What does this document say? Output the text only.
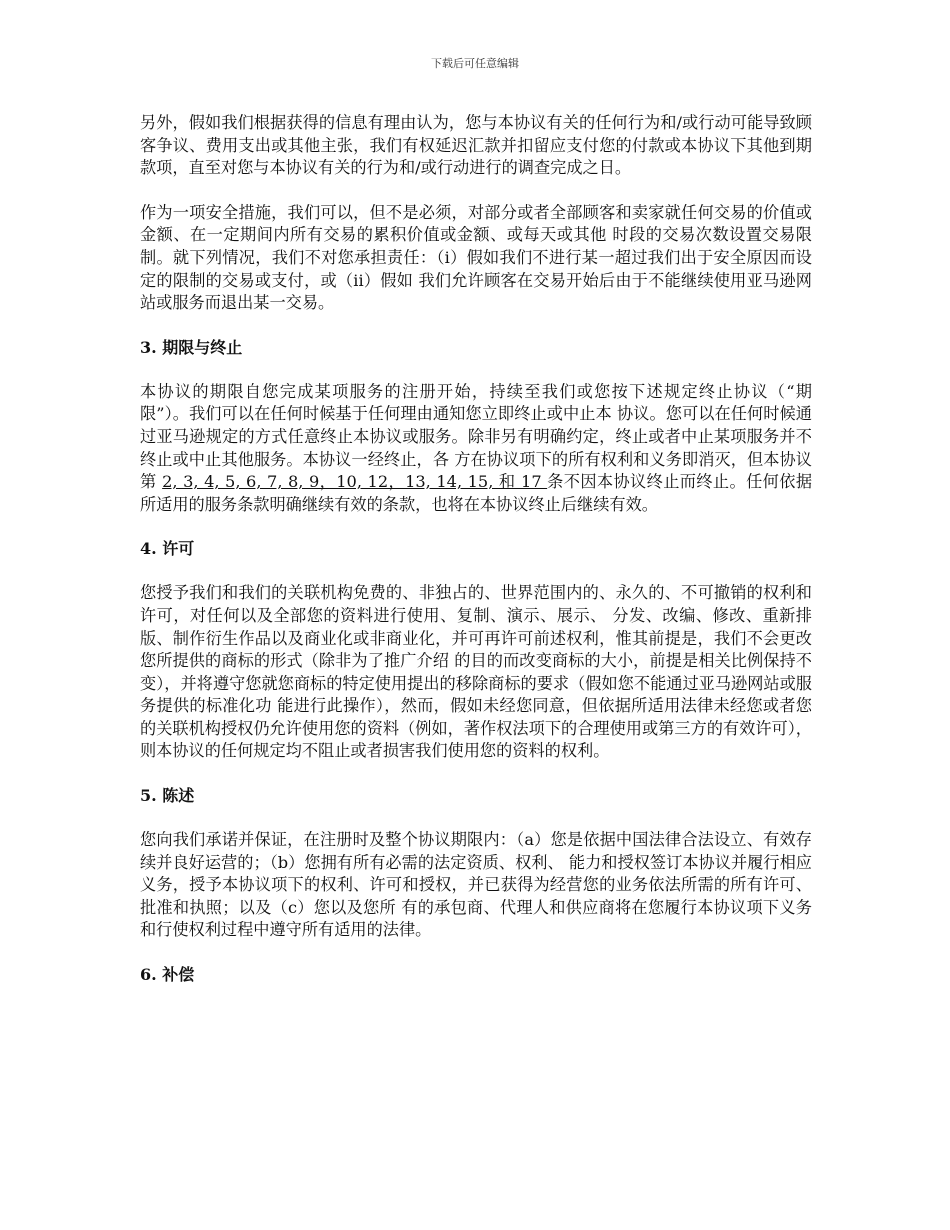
下载后可任意编辑

另外，假如我们根据获得的信息有理由认为，您与本协议有关的任何行为和/或行动可能导致顾客争议、费用支出或其他主张，我们有权延迟汇款并扣留应支付您的付款或本协议下其他到期款项，直至对您与本协议有关的行为和/或行动进行的调查完成之日。

作为一项安全措施，我们可以，但不是必须，对部分或者全部顾客和卖家就任何交易的价值或金额、在一定期间内所有交易的累积价值或金额、或每天或其他 时段的交易次数设置交易限制。就下列情况，我们不对您承担责任：（i）假如我们不进行某一超过我们出于安全原因而设定的限制的交易或支付，或（ii）假如 我们允许顾客在交易开始后由于不能继续使用亚马逊网站或服务而退出某一交易。

3. 期限与终止

本协议的期限自您完成某项服务的注册开始，持续至我们或您按下述规定终止协议（“期限”）。我们可以在任何时候基于任何理由通知您立即终止或中止本 协议。您可以在任何时候通过亚马逊规定的方式任意终止本协议或服务。除非另有明确约定，终止或者中止某项服务并不终止或中止其他服务。本协议一经终止，各 方在协议项下的所有权利和义务即消灭，但本协议第 2, 3, 4, 5, 6, 7, 8, 9，10, 12，13, 14, 15, 和 17 条不因本协议终止而终止。任何依据所适用的服务条款明确继续有效的条款，也将在本协议终止后继续有效。

4. 许可

您授予我们和我们的关联机构免费的、非独占的、世界范围内的、永久的、不可撤销的权利和许可，对任何以及全部您的资料进行使用、复制、演示、展示、 分发、改编、修改、重新排版、制作衍生作品以及商业化或非商业化，并可再许可前述权利，惟其前提是，我们不会更改您所提供的商标的形式（除非为了推广介绍 的目的而改变商标的大小，前提是相关比例保持不变），并将遵守您就您商标的特定使用提出的移除商标的要求（假如您不能通过亚马逊网站或服务提供的标准化功 能进行此操作），然而，假如未经您同意，但依据所适用法律未经您或者您的关联机构授权仍允许使用您的资料（例如，著作权法项下的合理使用或第三方的有效许可），则本协议的任何规定均不阻止或者损害我们使用您的资料的权利。

5. 陈述

您向我们承诺并保证，在注册时及整个协议期限内：（a）您是依据中国法律合法设立、有效存续并良好运营的；（b）您拥有所有必需的法定资质、权利、 能力和授权签订本协议并履行相应义务，授予本协议项下的权利、许可和授权，并已获得为经营您的业务依法所需的所有许可、批准和执照；以及（c）您以及您所 有的承包商、代理人和供应商将在您履行本协议项下义务和行使权利过程中遵守所有适用的法律。

6. 补偿
